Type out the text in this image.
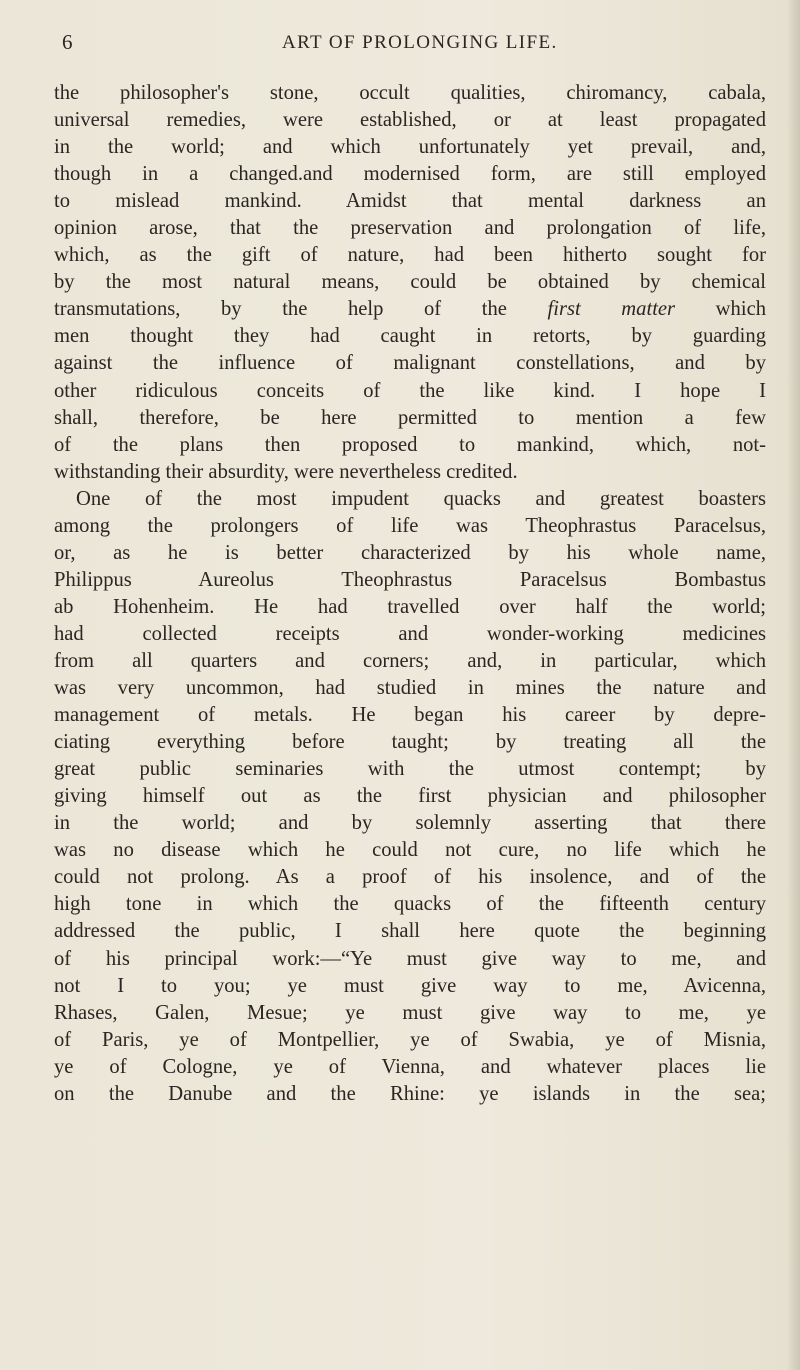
6	ART OF PROLONGING LIFE.
the philosopher's stone, occult qualities, chiromancy, cabala,
universal remedies, were established, or at least propagated
in the world; and which unfortunately yet prevail, and,
though in a changed.and modernised form, are still employed
to mislead mankind. Amidst that mental darkness an
opinion arose, that the preservation and prolongation of life,
which, as the gift of nature, had been hitherto sought for
by the most natural means, could be obtained by chemical
transmutations, by the help of the first matter which
men thought they had caught in retorts, by guarding
against the influence of malignant constellations, and by
other ridiculous conceits of the like kind. I hope I
shall, therefore, be here permitted to mention a few
of the plans then proposed to mankind, which, not-
withstanding their absurdity, were nevertheless credited.
One of the most impudent quacks and greatest boasters
among the prolongers of life was Theophrastus Paracelsus,
or, as he is better characterized by his whole name,
Philippus Aureolus Theophrastus Paracelsus Bombastus
ab Hohenheim. He had travelled over half the world;
had collected receipts and wonder-working medicines
from all quarters and corners; and, in particular, which
was very uncommon, had studied in mines the nature and
management of metals. He began his career by depre-
ciating everything before taught; by treating all the
great public seminaries with the utmost contempt; by
giving himself out as the first physician and philosopher
in the world; and by solemnly asserting that there
was no disease which he could not cure, no life which he
could not prolong. As a proof of his insolence, and of the
high tone in which the quacks of the fifteenth century
addressed the public, I shall here quote the beginning
of his principal work:—“Ye must give way to me, and
not I to you; ye must give way to me, Avicenna,
Rhases, Galen, Mesue; ye must give way to me, ye
of Paris, ye of Montpellier, ye of Swabia, ye of Misnia,
ye of Cologne, ye of Vienna, and whatever places lie
on the Danube and the Rhine: ye islands in the sea;
